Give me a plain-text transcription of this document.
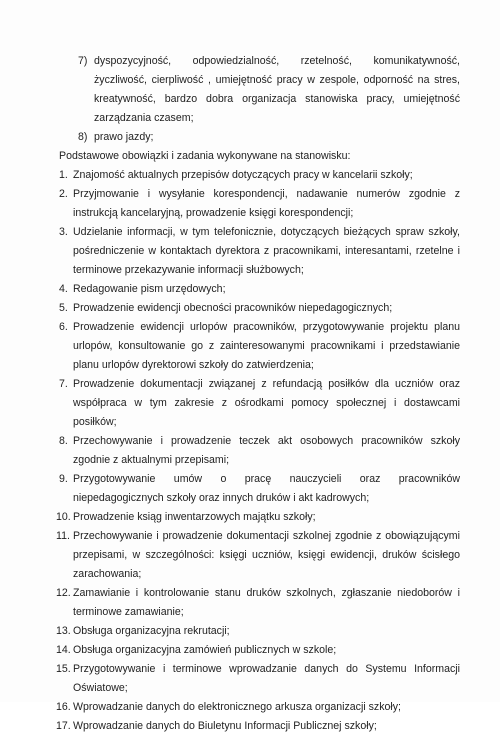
7) dyspozycyjność, odpowiedzialność, rzetelność, komunikatywność, życzliwość, cierpliwość , umiejętność pracy w zespole, odporność na stres, kreatywność, bardzo dobra organizacja stanowiska pracy, umiejętność zarządzania czasem;
8) prawo jazdy;

Podstawowe obowiązki i zadania wykonywane na stanowisku:

1. Znajomość aktualnych przepisów dotyczących pracy w kancelarii szkoły;
2. Przyjmowanie i wysyłanie korespondencji, nadawanie numerów zgodnie z instrukcją kancelaryjną, prowadzenie księgi korespondencji;
3. Udzielanie informacji, w tym telefonicznie, dotyczących bieżących spraw szkoły, pośredniczenie w kontaktach dyrektora z pracownikami, interesantami, rzetelne i terminowe przekazywanie informacji służbowych;
4. Redagowanie pism urzędowych;
5. Prowadzenie ewidencji obecności pracowników niepedagogicznych;
6. Prowadzenie ewidencji urlopów pracowników, przygotowywanie projektu planu urlopów, konsultowanie go z zainteresowanymi pracownikami i przedstawianie planu urlopów dyrektorowi szkoły do zatwierdzenia;
7. Prowadzenie dokumentacji związanej z refundacją posiłków dla uczniów oraz współpraca w tym zakresie z ośrodkami pomocy społecznej i dostawcami posiłków;
8. Przechowywanie i prowadzenie teczek akt osobowych pracowników szkoły zgodnie z aktualnymi przepisami;
9. Przygotowywanie umów o pracę nauczycieli oraz pracowników niepedagogicznych szkoły oraz innych druków i akt kadrowych;
10. Prowadzenie ksiąg inwentarzowych majątku szkoły;
11. Przechowywanie i prowadzenie dokumentacji szkolnej zgodnie z obowiązującymi przepisami, w szczególności: księgi uczniów, księgi ewidencji, druków ścisłego zarachowania;
12. Zamawianie i kontrolowanie stanu druków szkolnych, zgłaszanie niedoborów i terminowe zamawianie;
13. Obsługa organizacyjna rekrutacji;
14. Obsługa organizacyjna zamówień publicznych w szkole;
15. Przygotowywanie i terminowe wprowadzanie danych do Systemu Informacji Oświatowe;
16. Wprowadzanie danych do elektronicznego arkusza organizacji szkoły;
17. Wprowadzanie danych do Biuletynu Informacji Publicznej szkoły;
